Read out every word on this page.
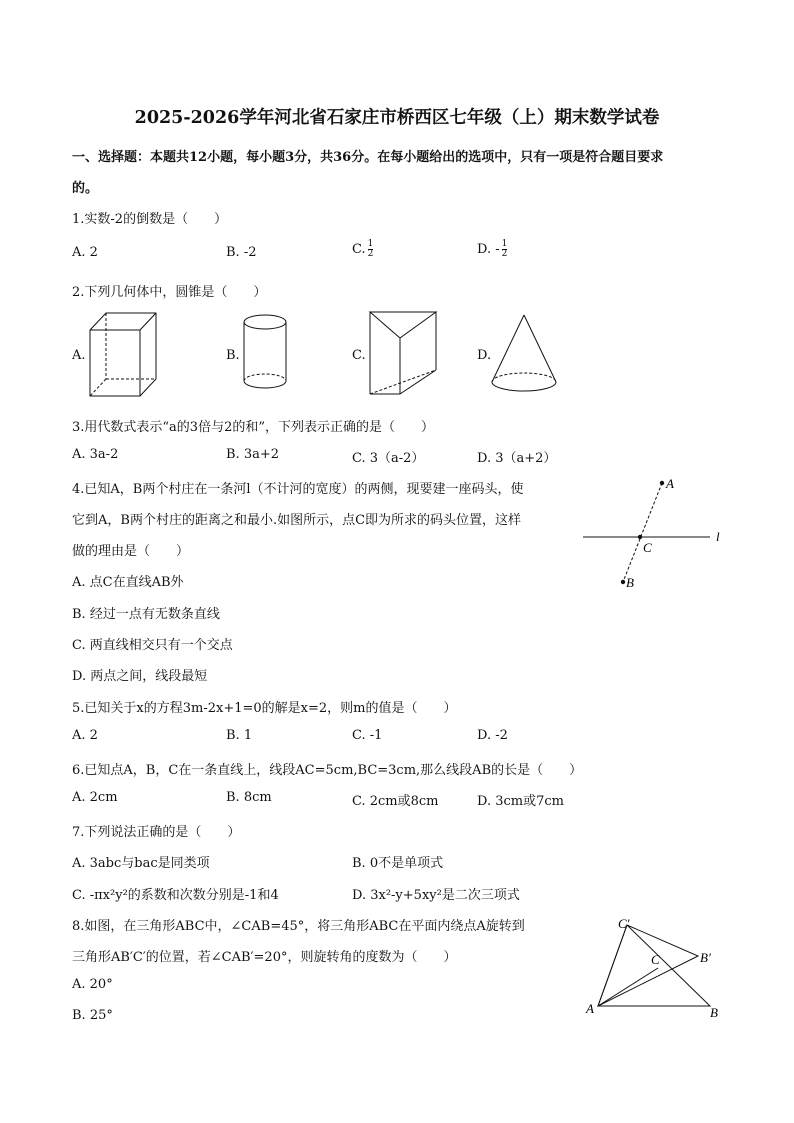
2025-2026学年河北省石家庄市桥西区七年级（上）期末数学试卷
一、选择题：本题共12小题，每小题3分，共36分。在每小题给出的选项中，只有一项是符合题目要求
的。
1.实数-2的倒数是（　　）
A. 2	B. -2	C. $\frac{1}{2}$	D. - $\frac{1}{2}$
2.下列几何体中，圆锥是（　　）
A.	B.	C.	D.
3.用代数式表示“a的3倍与2的和”，下列表示正确的是（　　）
A. 3a-2	B. 3a+2	C. 3（a-2）	D. 3（a+2）
4.已知A，B两个村庄在一条河l（不计河的宽度）的两侧，现要建一座码头，使
它到A，B两个村庄的距离之和最小.如图所示，点C即为所求的码头位置，这样
做的理由是（　　）
A. 点C在直线AB外
B. 经过一点有无数条直线
C. 两直线相交只有一个交点
D. 两点之间，线段最短
A
C
B
l
5.已知关于x的方程3m-2x+1=0的解是x=2，则m的值是（　　）
A. 2	B. 1	C. -1	D. -2
6.已知点A，B，C在一条直线上，线段AC=5cm,BC=3cm,那么线段AB的长是（　　）
A. 2cm	B. 8cm	C. 2cm或8cm	D. 3cm或7cm
7.下列说法正确的是（　　）
A. 3abc与bac是同类项	B. 0不是单项式
C. -πx²y²的系数和次数分别是-1和4	D. 3x²-y+5xy²是二次三项式
8.如图，在三角形ABC中，∠CAB=45°，将三角形ABC在平面内绕点A旋转到
三角形AB′C′的位置，若∠CAB′=20°，则旋转角的度数为（　　）
A. 20°
B. 25°	A	B
C′
C	B′
